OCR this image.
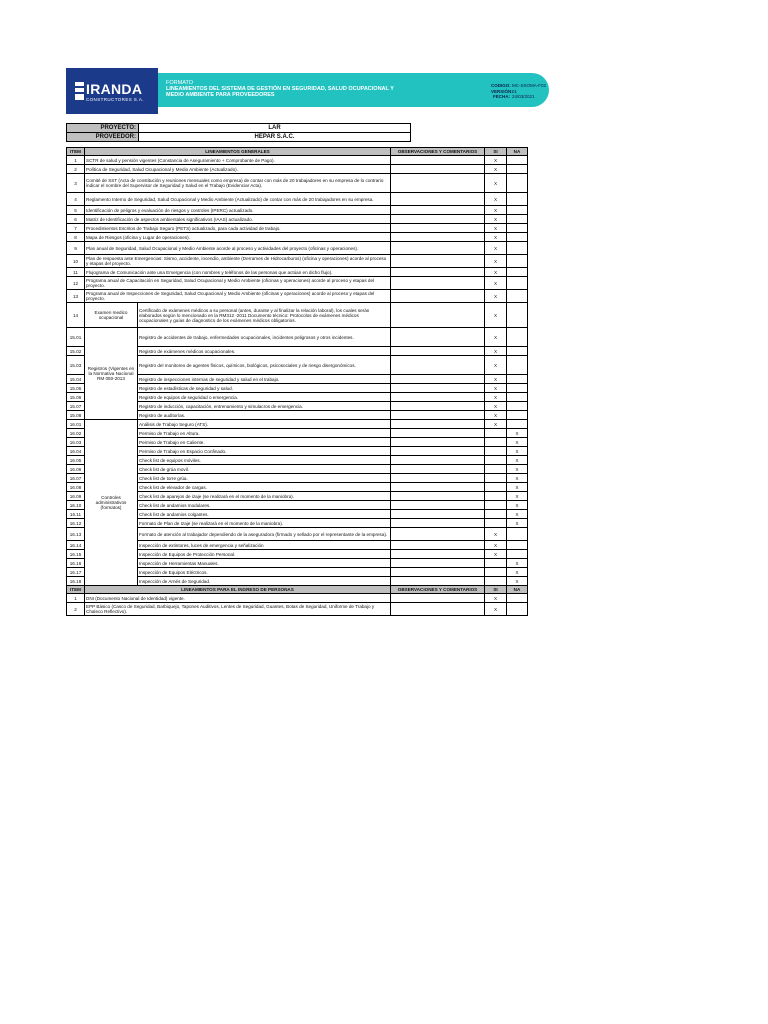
IRANDA
CONSTRUCTORES S.A.
FORMATO
LINEAMIENTOS DEL SISTEMA DE GESTIÓN EN SEGURIDAD, SALUD OCUPACIONAL Y MEDIO AMBIENTE PARA PROVEEDORES
CODIGO:MC-SSOMA-F02
VERSIÓN:01
FECHA: 24/03/2021
PROYECTO:	LAR
PROVEEDOR:	HEPAR S.A.C.
ITEM	LINEAMIENTOS GENERALES		OBSERVACIONES Y COMENTARIOS	SI	NA
1	SCTR de salud y pensión vigentes (Constancia de Aseguramiento + Comprobante de Pago).			X	
2	Política de Seguridad, Salud Ocupacional y Medio Ambiente (Actualizado).			X	
3	Comité de SST (Acta de constitución y reuniones mensuales como empresa) de contar con más de 20 trabajadores en su empresa de lo contrario indicar el nombre del Supervisor de Seguridad y Salud en el Trabajo (Evidenciar Acta).			X	
4	Reglamento Interno de Seguridad, Salud Ocupacional y Medio Ambiente (Actualizado) de contar con más de 20 trabajadores en su empresa.			X	
5	Identificación de peligros y evaluación de riesgos y controles (IPERC) actualizado.			X	
6	Matriz de Identificación de aspectos ambientales significativos (IAAS) actualizado.			X	
7	Procedimientos Escritos de Trabajo Seguro (PETS) actualizado, para cada actividad de trabajo.			X	
8	Mapa de Riesgos (oficina y Lugar de operaciones).			X	
9	Plan anual de Seguridad, Salud Ocupacional y Medio Ambiente acorde al proceso y actividades del proyecto (oficinas y operaciones).			X	
10	Plan de respuesta ante Emergencias: Sismo, accidente, incendio, ambiente (Derrames de Hidrocarburos) (oficina y operaciones) acorde al proceso y etapas del proyecto.			X	
11	Flujograma de Comunicación ante una Emergencia (con nombres y teléfonos de las personas que actúan en dicho flujo).			X	
12	Programa anual de Capacitación en Seguridad, Salud Ocupacional y Medio Ambiente (oficinas y operaciones) acorde al proceso y etapas del proyecto.			X	
13	Programa anual de Inspecciones de Seguridad, Salud Ocupacional y Medio Ambiente (oficinas y operaciones) acorde al proceso y etapas del proyecto.			X	
14	Examen medico ocupacional	Certificado de exámenes médicos a su personal (antes, durante y al finalizar la relación laboral), los cuales serán elaborados según lo mencionado en la RM312 -2011 Documento técnico: Protocolos de exámenes médicos ocupacionales y guías de diagnostico de los exámenes médicos obligatorios.		X	
15.01	Registros (Vigentes en la Normativa Nacional RM 050-2013	Registro de accidentes de trabajo, enfermedades ocupacionales, incidentes peligrosos y otros incidentes.		X	
15.02		Registro de exámenes médicos ocupacionales.		X	
15.03		Registro del monitoreo de agentes físicos, químicos, biológicos, psicosociales y de riesgo disergonómicos.		X	
15.04		Registro de inspecciones internas de seguridad y salud en el trabajo.		X	
15.05		Registro de estadísticas de seguridad y salud.		X	
15.06		Registro de equipos de seguridad o emergencia.		X	
15.07		Registro de inducción, capacitación, entrenamiento y simulacros de emergencia.		X	
15.08		Registro de auditorías.		X	
16.01	Controles administrativos (formatos)	Análisis de Trabajo Seguro (ATS).		X	
16.02		Permiso de Trabajo en Altura.			X
16.03		Permiso de Trabajo en Caliente.			X
16.04		Permiso de Trabajo en Espacio Confinado.			X
16.05		Check list de equipos móviles.			X
16.06		Check list de grúa movil.			X
16.07		Check list de torre grúa.			X
16.08		Check list de elevador de cargas.			X
16.09		Check list de aparejos de izaje (se realizará en el momento de la maniobra).			X
16.10		Check list de andamios modulares.			X
16.11		Check list de andamios colgantes.			X
16.12		Formato de Plan de Izaje (se realizará en el momento de la maniobra).			X
16.13		Formato de atención al trabajador dependiendo de la aseguradora (firmado y sellado por el representante de la empresa).		X	
16.14		Inspección de extintores, luces de emergencia y señalización		X	
16.15		Inspección de Equipos de Protección Personal.		X	
16.16		Inspección de Herramientas Manuales.			X
16.17		Inspección de Equipos Eléctricos.			X
16.18		Inspección de Arnés de Seguridad.			X
ITEM	LINEAMIENTOS PARA EL INGRESO DE PERSONAS		OBSERVACIONES Y COMENTARIOS	SI	NA
1	DNI (Documento Nacional de Identidad) vigente.			X	
2	EPP Básico (Casco de Seguridad, Barbiquejo, Tapones Auditivos, Lentes de Seguridad, Guantes, Botas de Seguridad, Uniforme de Trabajo y Chaleco Reflectivo).			X	
